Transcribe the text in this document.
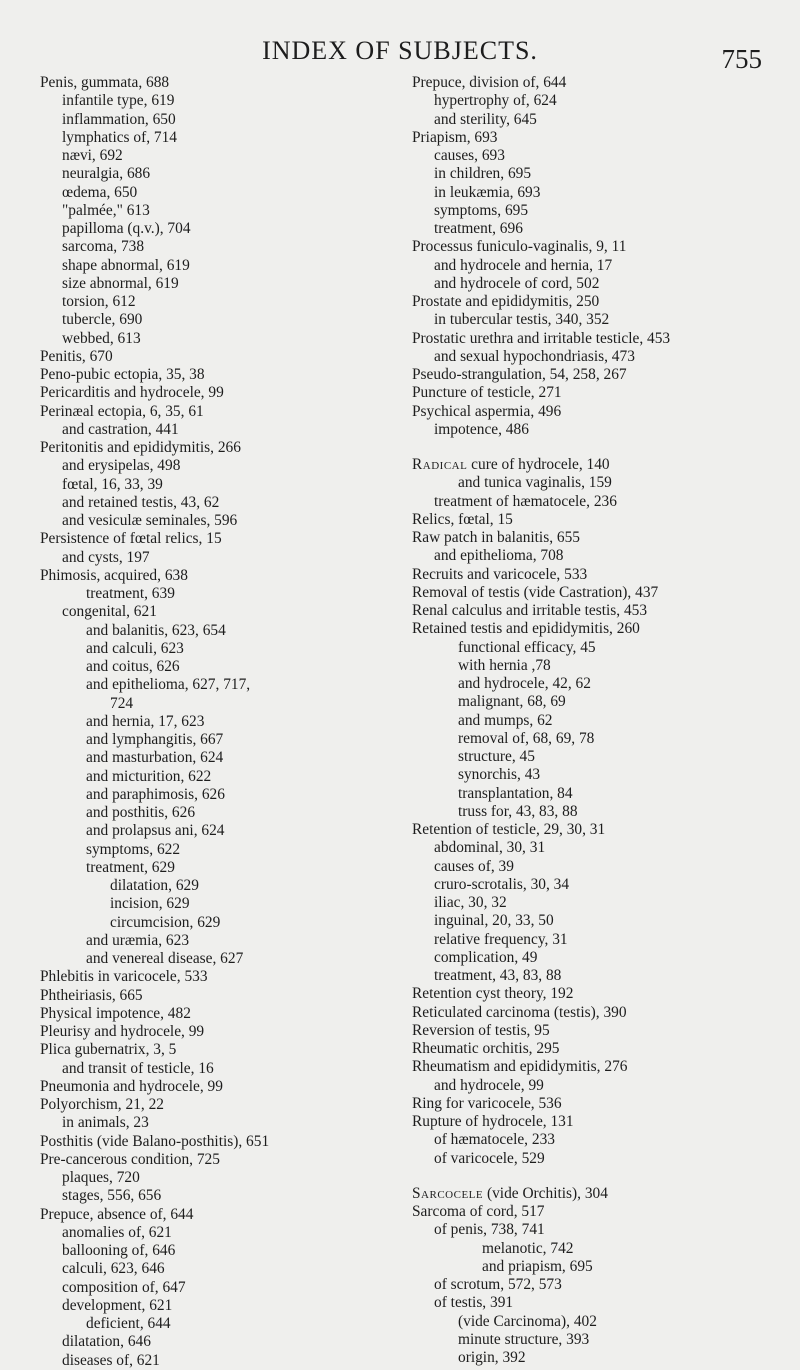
INDEX OF SUBJECTS.	755
Penis, gummata, 688
infantile type, 619
inflammation, 650
lymphatics of, 714
nævi, 692
neuralgia, 686
œdema, 650
"palmée," 613
papilloma (q.v.), 704
sarcoma, 738
shape abnormal, 619
size abnormal, 619
torsion, 612
tubercle, 690
webbed, 613
Penitis, 670
Peno-pubic ectopia, 35, 38
Pericarditis and hydrocele, 99
Perinæal ectopia, 6, 35, 61
and castration, 441
Peritonitis and epididymitis, 266
and erysipelas, 498
fœtal, 16, 33, 39
and retained testis, 43, 62
and vesiculæ seminales, 596
Persistence of fœtal relics, 15
and cysts, 197
Phimosis, acquired, 638
treatment, 639
congenital, 621
and balanitis, 623, 654
and calculi, 623
and coitus, 626
and epithelioma, 627, 717,
724
and hernia, 17, 623
and lymphangitis, 667
and masturbation, 624
and micturition, 622
and paraphimosis, 626
and posthitis, 626
and prolapsus ani, 624
symptoms, 622
treatment, 629
dilatation, 629
incision, 629
circumcision, 629
and uræmia, 623
and venereal disease, 627
Phlebitis in varicocele, 533
Phtheiriasis, 665
Physical impotence, 482
Pleurisy and hydrocele, 99
Plica gubernatrix, 3, 5
and transit of testicle, 16
Pneumonia and hydrocele, 99
Polyorchism, 21, 22
in animals, 23
Posthitis (vide Balano-posthitis), 651
Pre-cancerous condition, 725
plaques, 720
stages, 556, 656
Prepuce, absence of, 644
anomalies of, 621
ballooning of, 646
calculi, 623, 646
composition of, 647
development, 621
deficient, 644
dilatation, 646
diseases of, 621
Prepuce, division of, 644
hypertrophy of, 624
and sterility, 645
Priapism, 693
causes, 693
in children, 695
in leukæmia, 693
symptoms, 695
treatment, 696
Processus funiculo-vaginalis, 9, 11
and hydrocele and hernia, 17
and hydrocele of cord, 502
Prostate and epididymitis, 250
in tubercular testis, 340, 352
Prostatic urethra and irritable testicle, 453
and sexual hypochondriasis, 473
Pseudo-strangulation, 54, 258, 267
Puncture of testicle, 271
Psychical aspermia, 496
impotence, 486
Radical cure of hydrocele, 140
and tunica vaginalis, 159
treatment of hæmatocele, 236
Relics, fœtal, 15
Raw patch in balanitis, 655
and epithelioma, 708
Recruits and varicocele, 533
Removal of testis (vide Castration), 437
Renal calculus and irritable testis, 453
Retained testis and epididymitis, 260
functional efficacy, 45
with hernia ,78
and hydrocele, 42, 62
malignant, 68, 69
and mumps, 62
removal of, 68, 69, 78
structure, 45
synorchis, 43
transplantation, 84
truss for, 43, 83, 88
Retention of testicle, 29, 30, 31
abdominal, 30, 31
causes of, 39
cruro-scrotalis, 30, 34
iliac, 30, 32
inguinal, 20, 33, 50
relative frequency, 31
complication, 49
treatment, 43, 83, 88
Retention cyst theory, 192
Reticulated carcinoma (testis), 390
Reversion of testis, 95
Rheumatic orchitis, 295
Rheumatism and epididymitis, 276
and hydrocele, 99
Ring for varicocele, 536
Rupture of hydrocele, 131
of hæmatocele, 233
of varicocele, 529
Sarcocele (vide Orchitis), 304
Sarcoma of cord, 517
of penis, 738, 741
melanotic, 742
and priapism, 695
of scrotum, 572, 573
of testis, 391
(vide Carcinoma), 402
minute structure, 393
origin, 392
